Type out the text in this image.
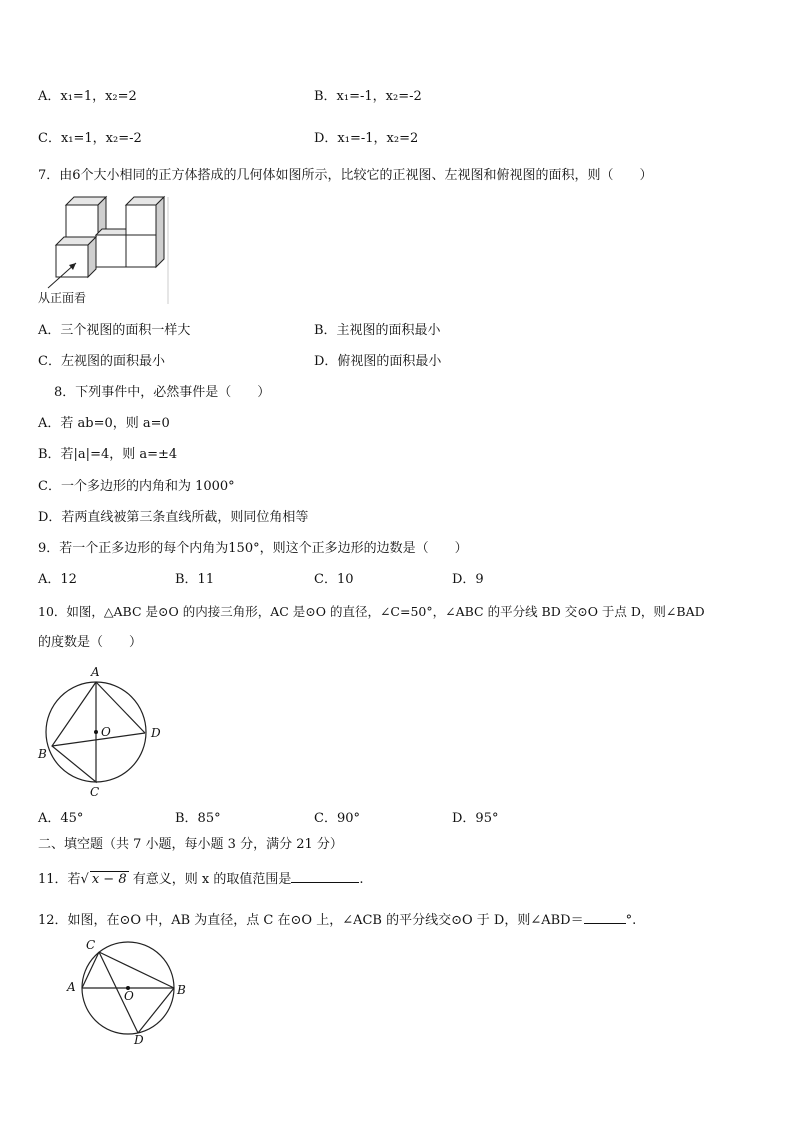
A．x₁=1，x₂=2	B．x₁=-1，x₂=-2
C．x₁=1，x₂=-2	D．x₁=-1，x₂=2
7．由6个大小相同的正方体搭成的几何体如图所示，比较它的正视图、左视图和俯视图的面积，则（　　）
从正面看
A．三个视图的面积一样大	B．主视图的面积最小
C．左视图的面积最小	D．俯视图的面积最小
8．下列事件中，必然事件是（　　）
A．若 ab=0，则 a=0
B．若|a|=4，则 a=±4
C．一个多边形的内角和为 1000°
D．若两直线被第三条直线所截，则同位角相等
9．若一个正多边形的每个内角为150°，则这个正多边形的边数是（　　）
A．12	B．11	C．10	D．9
10．如图，△ABC 是⊙O 的内接三角形，AC 是⊙O 的直径，∠C=50°，∠ABC 的平分线 BD 交⊙O 于点 D，则∠BAD
的度数是（　　）
A
B
C
D
O
A．45°	B．85°	C．90°	D．95°
二、填空题（共 7 小题，每小题 3 分，满分 21 分）
11．若√ x − 8 有意义，则 x 的取值范围是	.
12．如图，在⊙O 中，AB 为直径，点 C 在⊙O 上，∠ACB 的平分线交⊙O 于 D，则∠ABD＝	°.
C
A	B
D
O
